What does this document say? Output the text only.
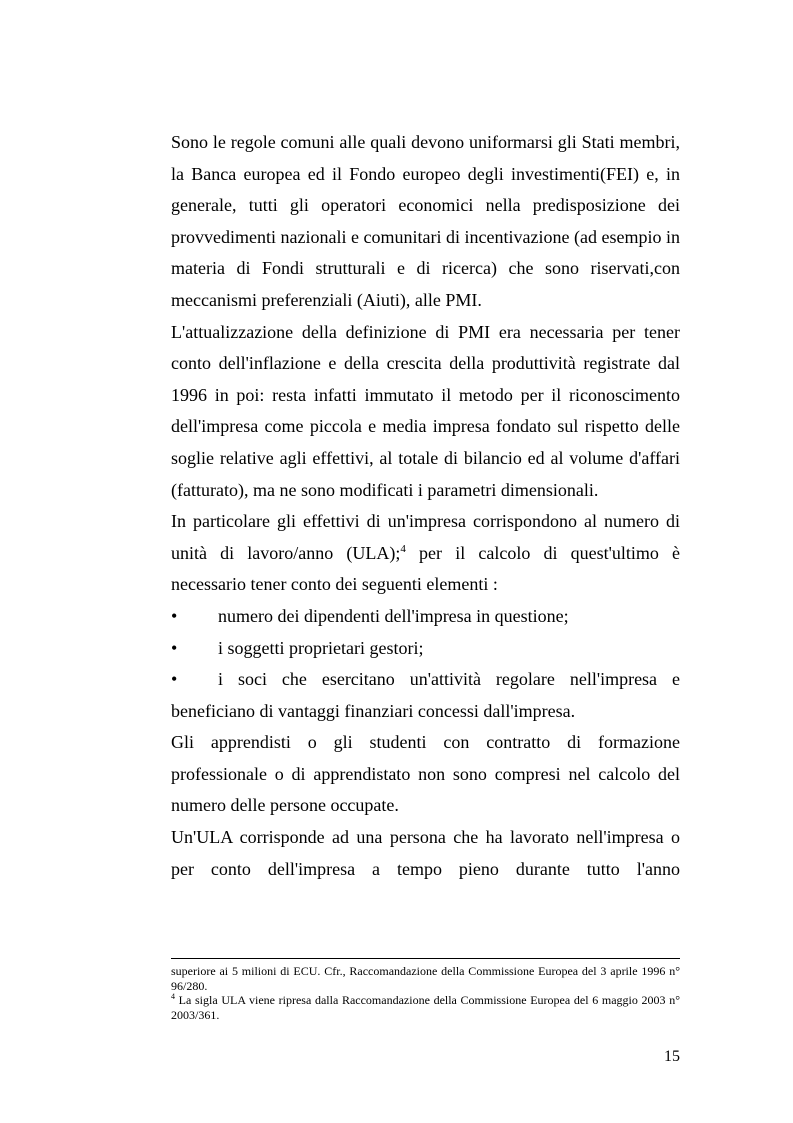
Sono le regole comuni alle quali devono uniformarsi gli Stati membri, la Banca europea ed il Fondo europeo degli investimenti(FEI) e, in generale, tutti gli operatori economici nella predisposizione dei provvedimenti nazionali e comunitari di incentivazione (ad esempio in materia di Fondi strutturali e di ricerca) che sono riservati,con meccanismi preferenziali (Aiuti), alle PMI.

L'attualizzazione della definizione di PMI era necessaria per tener conto dell'inflazione e della crescita della produttività registrate dal 1996 in poi: resta infatti immutato il metodo per il riconoscimento dell'impresa come piccola e media impresa fondato sul rispetto delle soglie relative agli effettivi, al totale di bilancio ed al volume d'affari (fatturato), ma ne sono modificati i parametri dimensionali.

In particolare gli effettivi di un'impresa corrispondono al numero di unità di lavoro/anno (ULA);$^4$ per il calcolo di quest'ultimo è necessario tener conto dei seguenti elementi :

•	numero dei dipendenti dell'impresa in questione;
•	i soggetti proprietari gestori;

• i soci che esercitano un'attività regolare nell'impresa e beneficiano di vantaggi finanziari concessi dall'impresa.

Gli apprendisti o gli studenti con contratto di formazione professionale o di apprendistato non sono compresi nel calcolo del numero delle persone occupate.

Un'ULA corrisponde ad una persona che ha lavorato nell'impresa o per conto dell'impresa a tempo pieno durante tutto l'anno

superiore ai 5 milioni di ECU. Cfr., Raccomandazione della Commissione Europea del 3 aprile 1996 n° 96/280.

$^4$ La sigla ULA viene ripresa dalla Raccomandazione della Commissione Europea del 6 maggio 2003 n° 2003/361.

15
